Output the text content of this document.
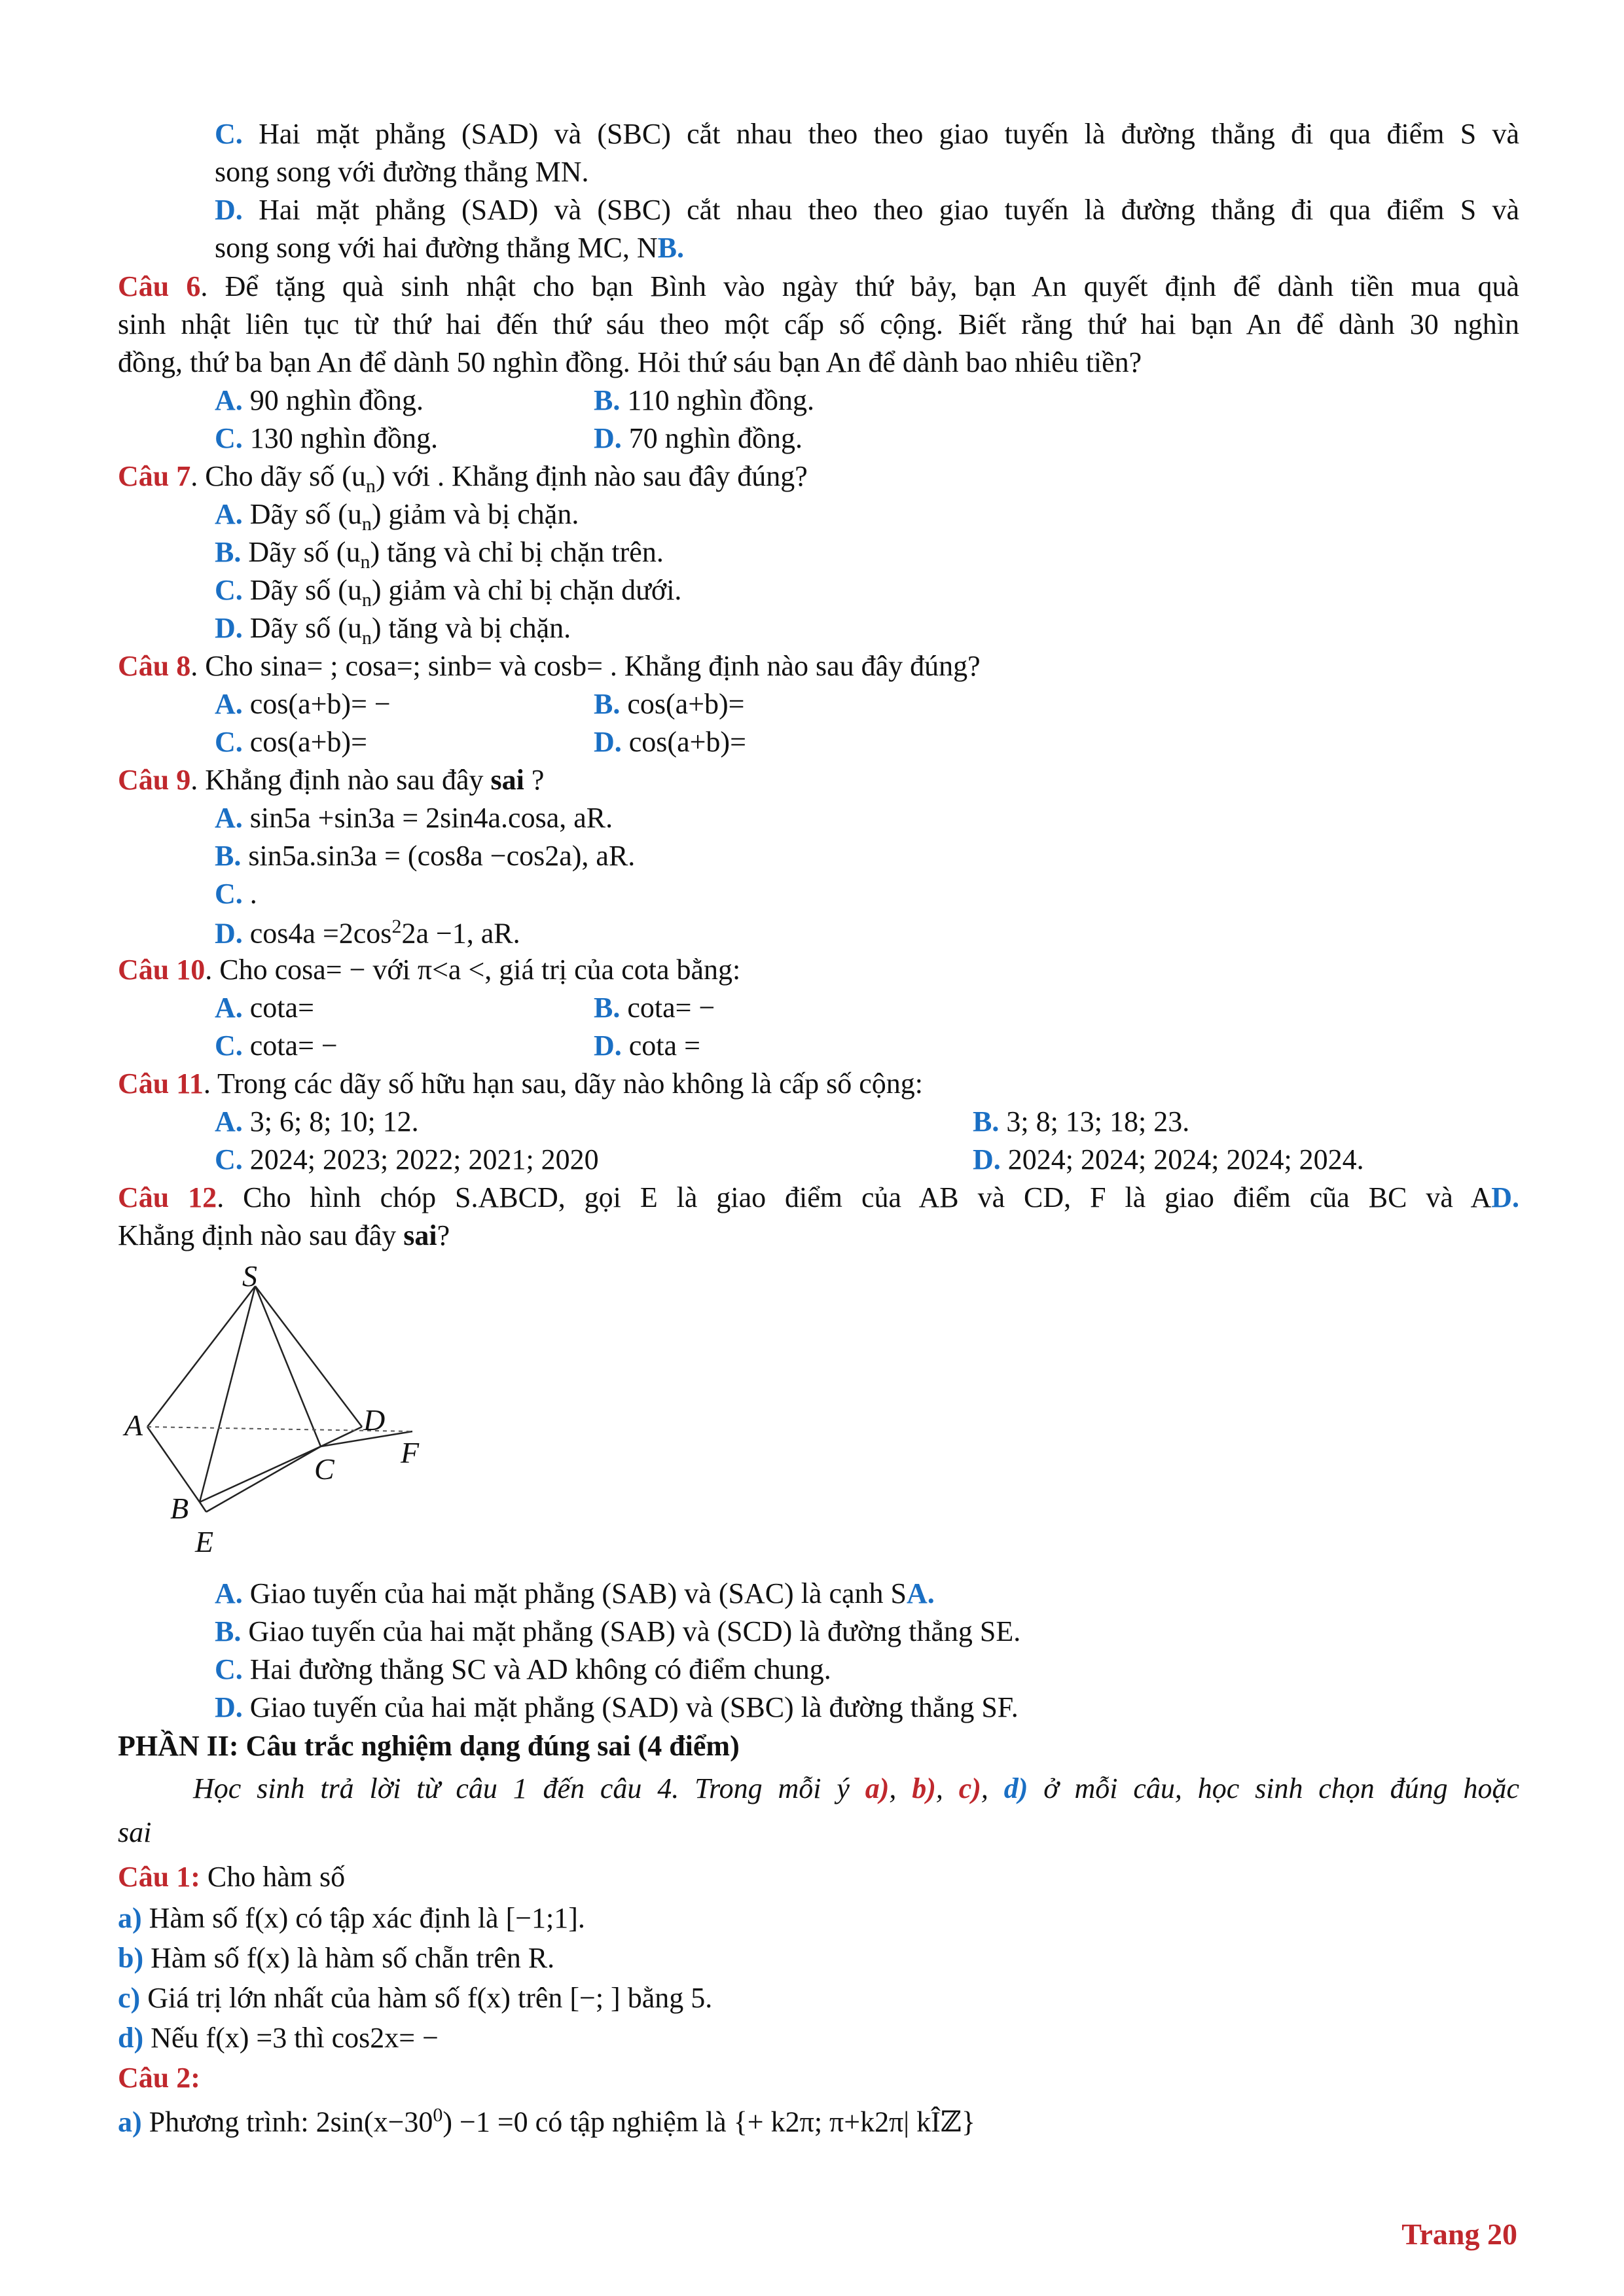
C. Hai mặt phẳng (SAD) và (SBC) cắt nhau theo theo giao tuyến là đường thẳng đi qua điểm S và
song song với đường thẳng MN.
D. Hai mặt phẳng (SAD) và (SBC) cắt nhau theo theo giao tuyến là đường thẳng đi qua điểm S và
song song với hai đường thẳng MC, NB.
Câu 6. Để tặng quà sinh nhật cho bạn Bình vào ngày thứ bảy, bạn An quyết định để dành tiền mua quà
sinh nhật liên tục từ thứ hai đến thứ sáu theo một cấp số cộng. Biết rằng thứ hai bạn An để dành 30 nghìn
đồng, thứ ba bạn An để dành 50 nghìn đồng. Hỏi thứ sáu bạn An để dành bao nhiêu tiền?
A. 90 nghìn đồng.	B. 110 nghìn đồng.
C. 130 nghìn đồng.	D. 70 nghìn đồng.
Câu 7. Cho dãy số $(u_n)$ với . Khẳng định nào sau đây đúng?
A. Dãy số $(u_n)$ giảm và bị chặn.
B. Dãy số $(u_n)$ tăng và chỉ bị chặn trên.
C. Dãy số $(u_n)$ giảm và chỉ bị chặn dưới.
D. Dãy số $(u_n)$ tăng và bị chặn.
Câu 8. Cho sina= ; cosa=; sinb= và cosb= . Khẳng định nào sau đây đúng?
A. cos(a+b)= −	B. cos(a+b)=
C. cos(a+b)=	D. cos(a+b)=
Câu 9. Khẳng định nào sau đây sai ?
A. sin5a +sin3a = 2sin4a.cosa, aR.
B. sin5a.sin3a = (cos8a −cos2a), aR.
C. .
D. $\cos 4a =2\cos^22a -1$, aR.
Câu 10. Cho cosa= − với π<a <, giá trị của cota bằng:
A. cota=	B. cota= −
C. cota= −	D. cota =
Câu 11. Trong các dãy số hữu hạn sau, dãy nào không là cấp số cộng:
A. 3; 6; 8; 10; 12.	B. 3; 8; 13; 18; 23.
C. 2024; 2023; 2022; 2021; 2020	D. 2024; 2024; 2024; 2024; 2024.
Câu 12. Cho hình chóp S.ABCD, gọi E là giao điểm của AB và CD, F là giao điểm cũa BC và AD.
Khẳng định nào sau đây sai?
S
A	D
F
C
B
E
A. Giao tuyến của hai mặt phẳng (SAB) và (SAC) là cạnh SA.
B. Giao tuyến của hai mặt phẳng (SAB) và (SCD) là đường thẳng SE.
C. Hai đường thẳng SC và AD không có điểm chung.
D. Giao tuyến của hai mặt phẳng (SAD) và (SBC) là đường thẳng SF.
PHẦN II: Câu trắc nghiệm dạng đúng sai (4 điểm)
Học sinh trả lời từ câu 1 đến câu 4. Trong mỗi ý a), b), c), d) ở mỗi câu, học sinh chọn đúng hoặc
sai
Câu 1: Cho hàm số
a) Hàm số f(x) có tập xác định là [−1;1].
b) Hàm số f(x) là hàm số chẵn trên R.
c) Giá trị lớn nhất của hàm số f(x) trên [−; ] bằng 5.
d) Nếu f(x) =3 thì cos2x= −
Câu 2:
a) Phương trình: $2\sin(x-30^0) -1 =0$ có tập nghiệm là {+ k2π; π+k2π| kÎℤ}
Trang 20
